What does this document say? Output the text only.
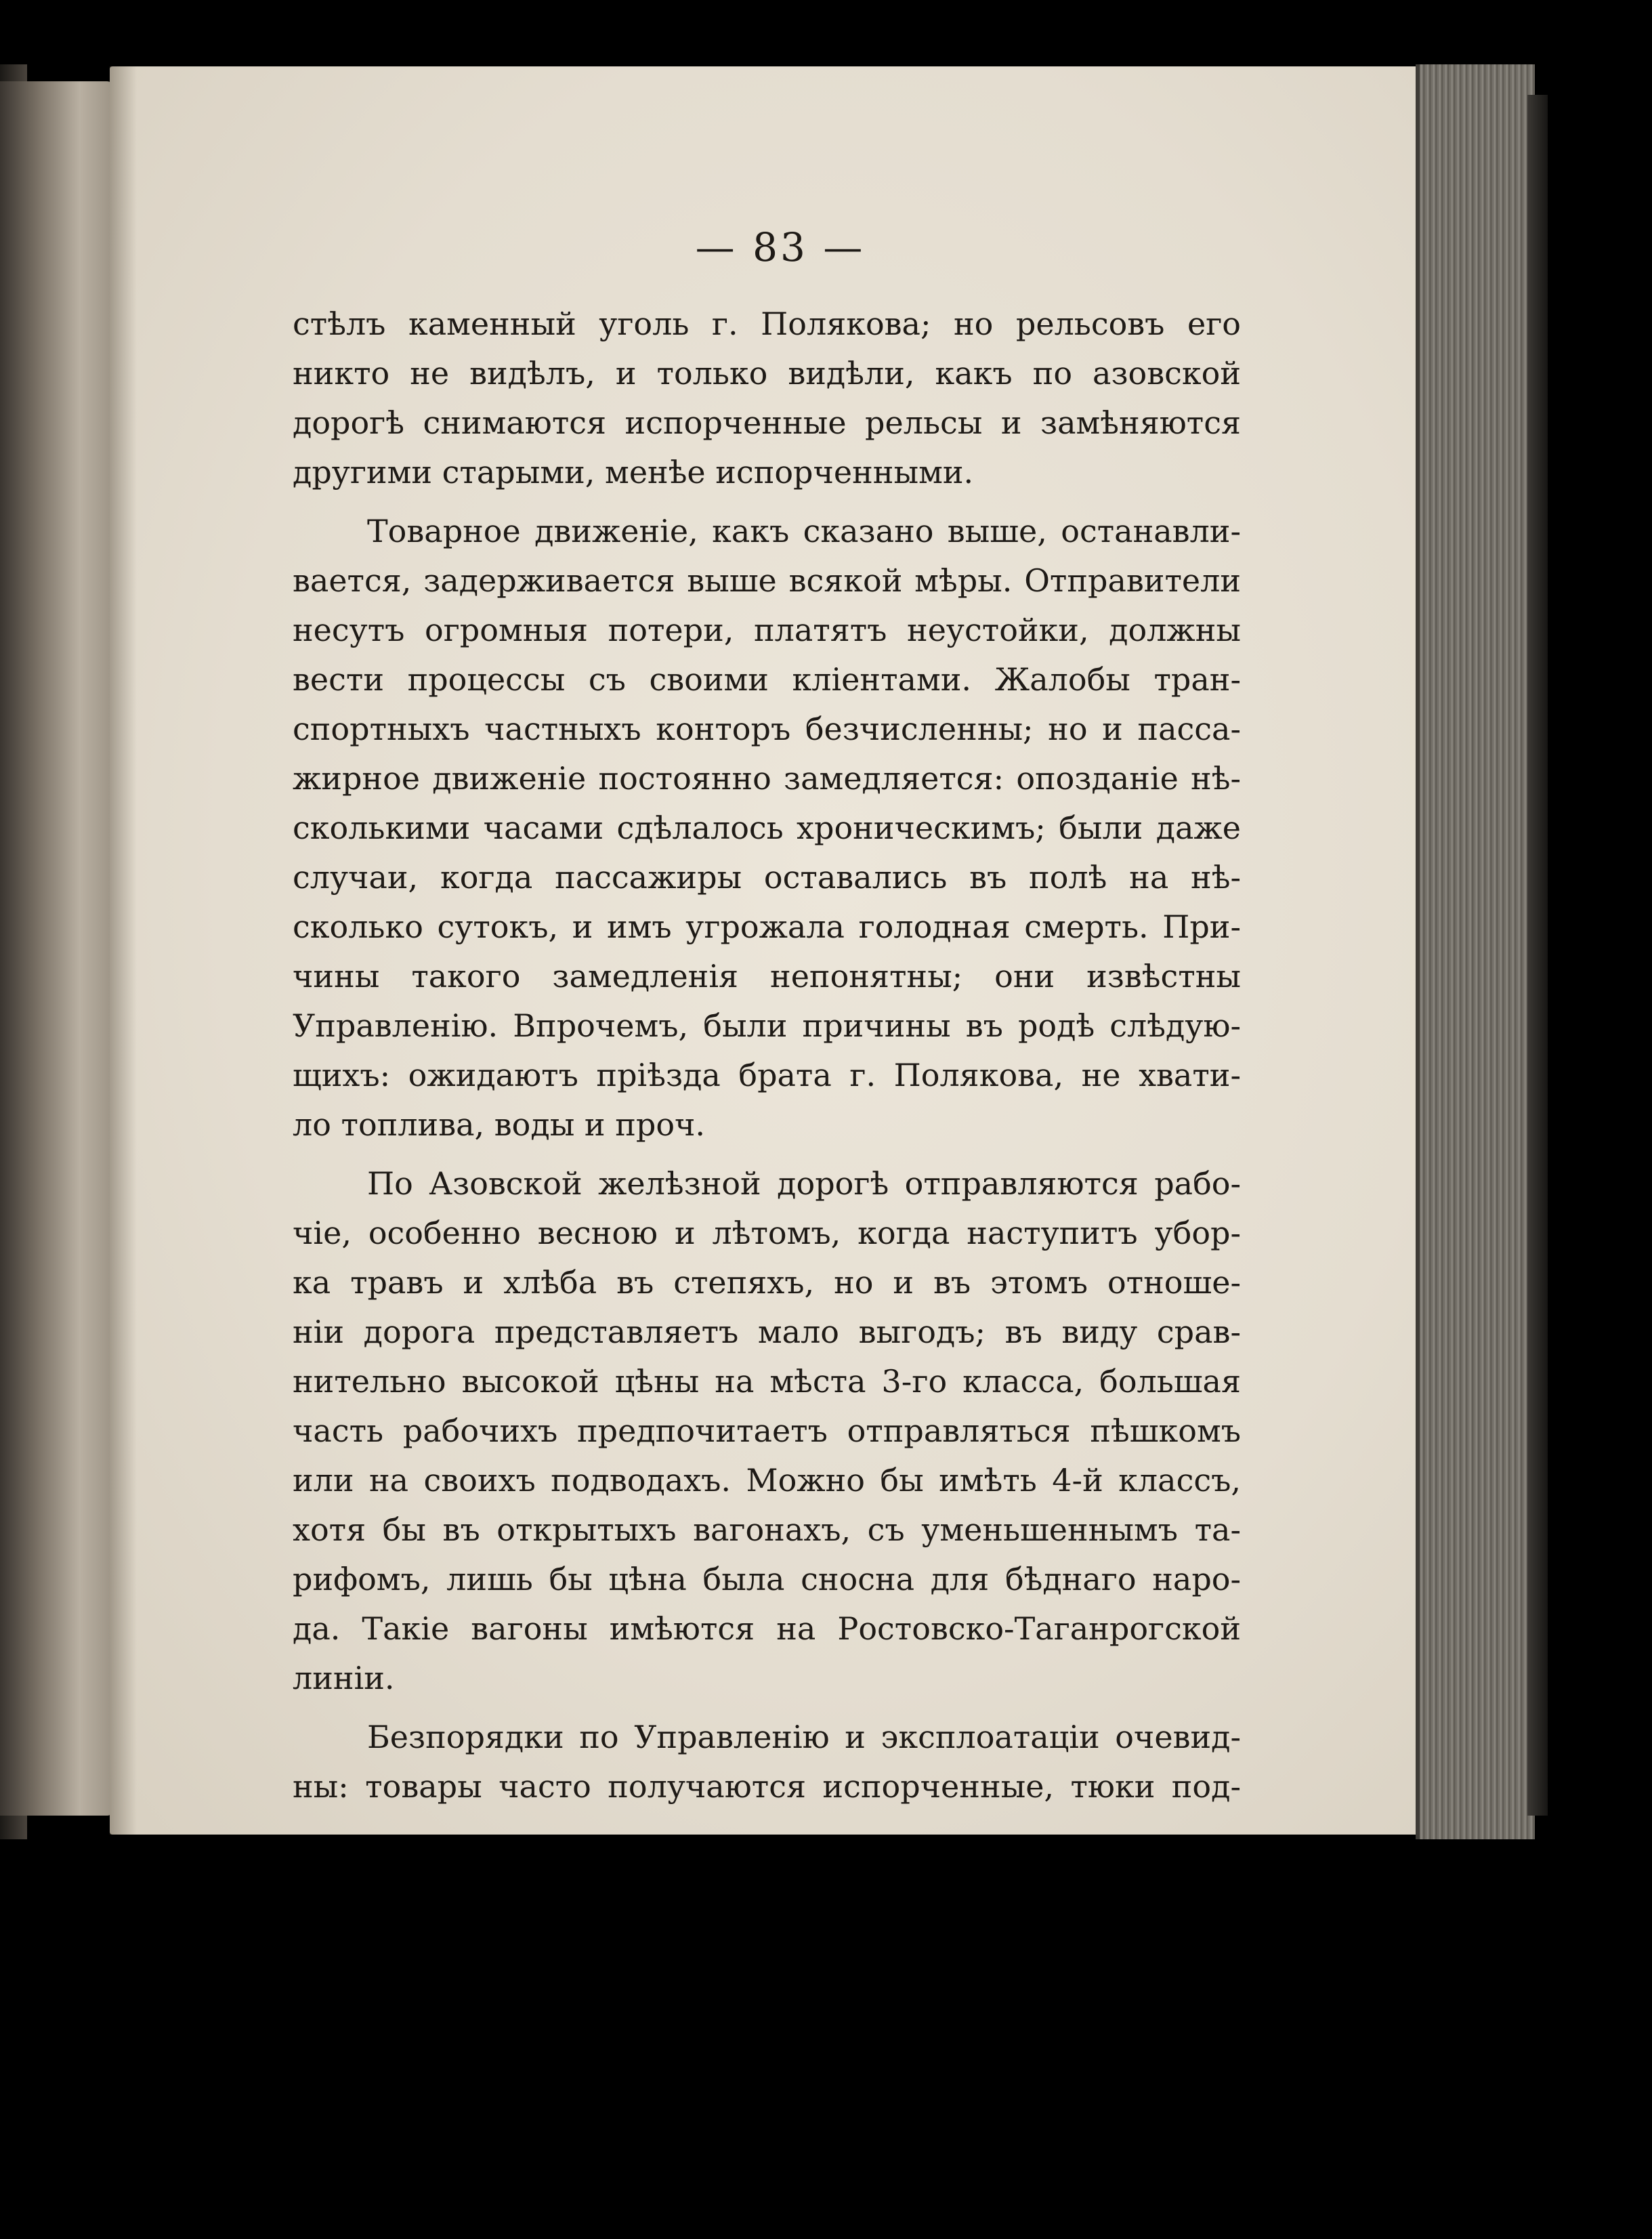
— 83 —
стѣлъ каменный уголь г. Полякова; но рельсовъ его
никто не видѣлъ, и только видѣли, какъ по азовской
дорогѣ снимаются испорченные рельсы и замѣняются
другими старыми, менѣе испорченными.
Товарное движенiе, какъ сказано выше, останавли-
вается, задерживается выше всякой мѣры. Отправители
несутъ огромныя потери, платятъ неустойки, должны
вести процессы съ своими клiентами. Жалобы тран-
спортныхъ частныхъ конторъ безчисленны; но и пасса-
жирное движенiе постоянно замедляется: опозданiе нѣ-
сколькими часами сдѣлалось хроническимъ; были даже
случаи, когда пассажиры оставались въ полѣ на нѣ-
сколько сутокъ, и имъ угрожала голодная смерть. При-
чины такого замедленiя непонятны; они извѣстны
Управленiю. Впрочемъ, были причины въ родѣ слѣдую-
щихъ: ожидаютъ прiѣзда брата г. Полякова, не хвати-
ло топлива, воды и проч.
По Азовской желѣзной дорогѣ отправляются рабо-
чiе, особенно весною и лѣтомъ, когда наступитъ убор-
ка травъ и хлѣба въ степяхъ, но и въ этомъ отноше-
нiи дорога представляетъ мало выгодъ; въ виду срав-
нительно высокой цѣны на мѣста 3-го класса, большая
часть рабочихъ предпочитаетъ отправляться пѣшкомъ
или на своихъ подводахъ. Можно бы имѣть 4-й классъ,
хотя бы въ открытыхъ вагонахъ, съ уменьшеннымъ та-
рифомъ, лишь бы цѣна была сносна для бѣднаго наро-
да. Такiе вагоны имѣются на Ростовско-Таганрогской
линiи.
Безпорядки по Управленiю и эксплоатацiи очевид-
ны: товары часто получаются испорченные, тюки под-
